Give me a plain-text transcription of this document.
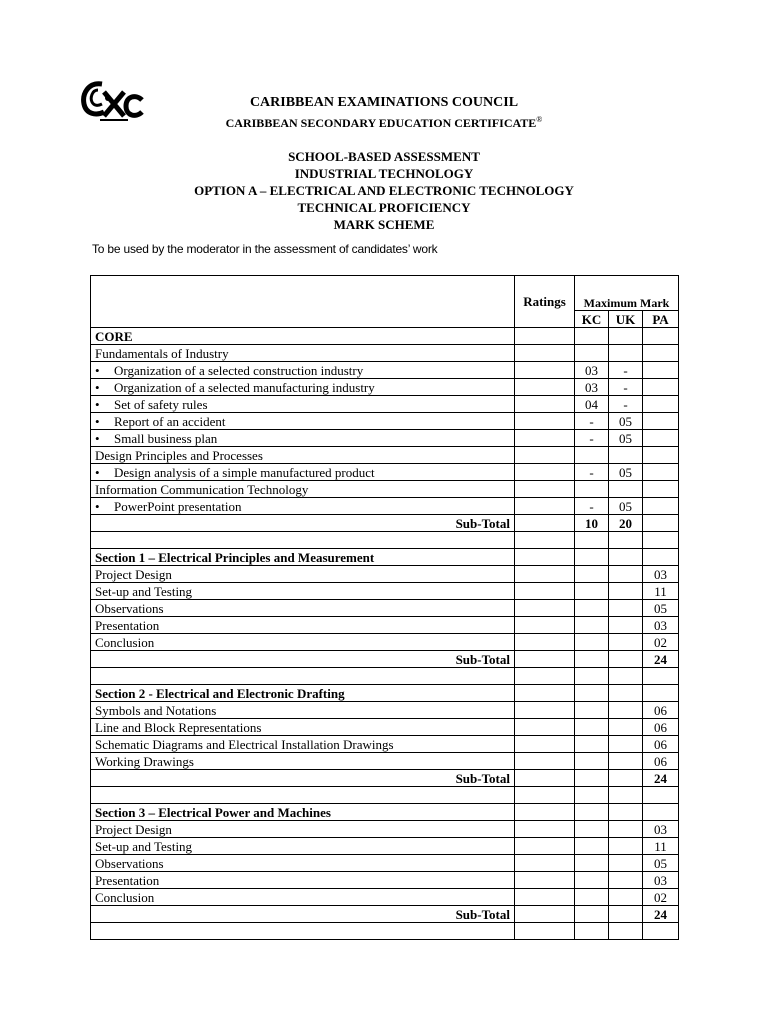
CARIBBEAN EXAMINATIONS COUNCIL
CARIBBEAN SECONDARY EDUCATION CERTIFICATE®
SCHOOL-BASED ASSESSMENT
INDUSTRIAL TECHNOLOGY
OPTION A – ELECTRICAL AND ELECTRONIC TECHNOLOGY
TECHNICAL PROFICIENCY
MARK SCHEME
To be used by the moderator in the assessment of candidates’ work
	Ratings	Maximum Mark		
		KC	UK	PA
CORE				
Fundamentals of Industry				
• Organization of a selected construction industry		03	-	
• Organization of a selected manufacturing industry		03	-	
• Set of safety rules		04	-	
• Report of an accident		-	05	
• Small business plan		-	05	
Design Principles and Processes				
• Design analysis of a simple manufactured product		-	05	
Information Communication Technology				
• PowerPoint presentation		-	05	
Sub-Total		10	20	

Section 1 – Electrical Principles and Measurement				
Project Design				03
Set-up and Testing				11
Observations				05
Presentation				03
Conclusion				02
Sub-Total				24

Section 2 - Electrical and Electronic Drafting				
Symbols and Notations				06
Line and Block Representations				06
Schematic Diagrams and Electrical Installation Drawings				06
Working Drawings				06
Sub-Total				24

Section 3 – Electrical Power and Machines				
Project Design				03
Set-up and Testing				11
Observations				05
Presentation				03
Conclusion				02
Sub-Total				24
